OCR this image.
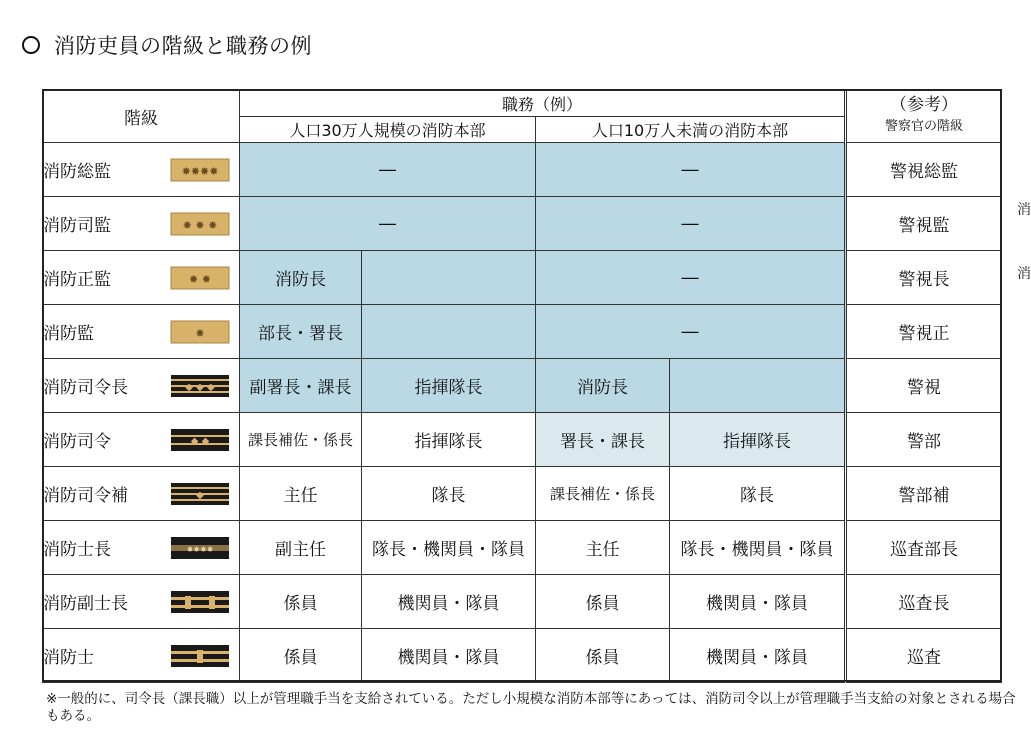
消防吏員の階級と職務の例
階級	職務（例）				（参考）
警察官の階級

	人口30万人規模の消防本部		人口10万人未満の消防本部		

消防総監 ✸✸✸✸	―		―		警視総監

消防司監 ✸ ✸ ✸	―		―		警視監

消防正監 ✸ ✸	消防長		―		警視長

消防監 ✸	部長・署長		―		警視正

消防司令長 ◆ ◆ ◆	副署長・課長	指揮隊長	消防長		警視

消防司令 ◆ ◆	課長補佐・係長	指揮隊長	署長・課長	指揮隊長	警部

消防司令補 ◆	主任	隊長	課長補佐・係長	隊長	警部補

消防士長 ✸✸✸✸	副主任	隊長・機関員・隊員	主任	隊長・機関員・隊員	巡査部長

消防副士長	係員	機関員・隊員	係員	機関員・隊員	巡査長

消防士	係員	機関員・隊員	係員	機関員・隊員	巡査
消
消
※一般的に、司令長（課長職）以上が管理職手当を支給されている。ただし小規模な消防本部等にあっては、消防司令以上が管理職手当支給の対象とされる場合もある。
